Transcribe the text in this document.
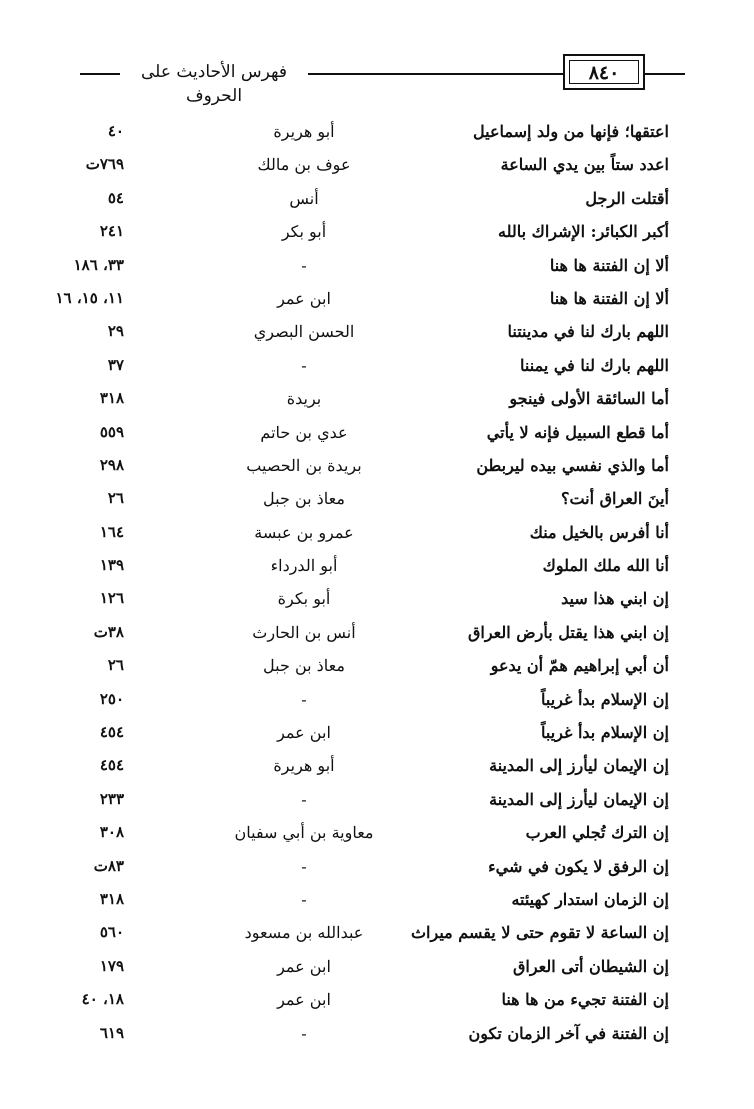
٨٤٠
فهرس الأحاديث على الحروف
اعتقها؛ فإنها من ولد إسماعيل
أبو هريرة
٤٠
اعدد ستاً بين يدي الساعة
عوف بن مالك
٧٦٩ت
أقتلت الرجل
أنس
٥٤
أكبر الكبائر: الإشراك بالله
أبو بكر
٢٤١
ألا إن الفتنة ها هنا
-
٣٣، ١٨٦
ألا إن الفتنة ها هنا
ابن عمر
١١، ١٥، ١٦
اللهم بارك لنا في مدينتنا
الحسن البصري
٢٩
اللهم بارك لنا في يمننا
-
٣٧
أما السائقة الأولى فينجو
بريدة
٣١٨
أما قطع السبيل فإنه لا يأتي
عدي بن حاتم
٥٥٩
أما والذي نفسي بيده ليربطن
بريدة بن الحصيب
٢٩٨
أينَ العراق أنت؟
معاذ بن جبل
٢٦
أنا أفرس بالخيل منك
عمرو بن عبسة
١٦٤
أنا الله ملك الملوك
أبو الدرداء
١٣٩
إن ابني هذا سيد
أبو بكرة
١٢٦
إن ابني هذا يقتل بأرض العراق
أنس بن الحارث
٣٨ت
أن أبي إبراهيم همّ أن يدعو
معاذ بن جبل
٢٦
إن الإسلام بدأ غريباً
-
٢٥٠
إن الإسلام بدأ غريباً
ابن عمر
٤٥٤
إن الإيمان ليأرز إلى المدينة
أبو هريرة
٤٥٤
إن الإيمان ليأرز إلى المدينة
-
٢٣٣
إن الترك تُجلي العرب
معاوية بن أبي سفيان
٣٠٨
إن الرفق لا يكون في شيء
-
٨٣ت
إن الزمان استدار كهيئته
-
٣١٨
إن الساعة لا تقوم حتى لا يقسم ميراث
عبدالله بن مسعود
٥٦٠
إن الشيطان أتى العراق
ابن عمر
١٧٩
إن الفتنة تجيء من ها هنا
ابن عمر
١٨، ٤٠
إن الفتنة في آخر الزمان تكون
-
٦١٩
